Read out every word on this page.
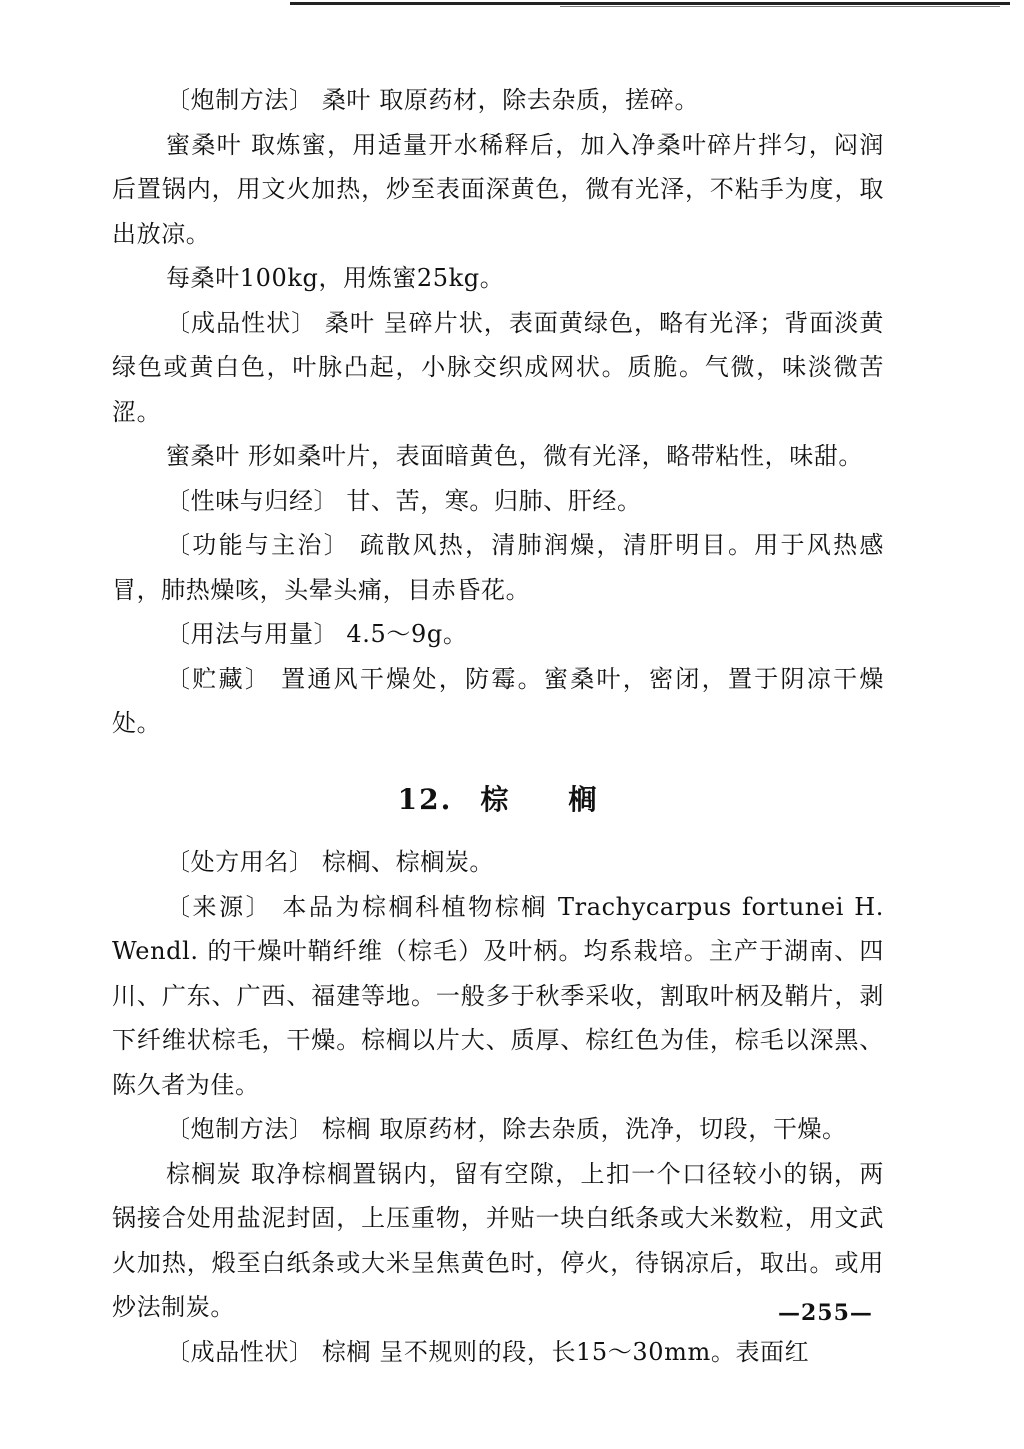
〔炮制方法〕 桑叶 取原药材，除去杂质，搓碎。

蜜桑叶 取炼蜜，用适量开水稀释后，加入净桑叶碎片拌匀，闷润后置锅内，用文火加热，炒至表面深黄色，微有光泽，不粘手为度，取出放凉。

每桑叶100kg，用炼蜜25kg。

〔成品性状〕 桑叶 呈碎片状，表面黄绿色，略有光泽；背面淡黄绿色或黄白色，叶脉凸起，小脉交织成网状。质脆。气微，味淡微苦涩。

蜜桑叶 形如桑叶片，表面暗黄色，微有光泽，略带粘性，味甜。

〔性味与归经〕 甘、苦，寒。归肺、肝经。

〔功能与主治〕 疏散风热，清肺润燥，清肝明目。用于风热感冒，肺热燥咳，头晕头痛，目赤昏花。

〔用法与用量〕 4.5～9g。

〔贮藏〕 置通风干燥处，防霉。蜜桑叶，密闭，置于阴凉干燥处。

12. 棕 榈

〔处方用名〕 棕榈、棕榈炭。

〔来源〕 本品为棕榈科植物棕榈 Trachycarpus fortunei H. Wendl. 的干燥叶鞘纤维（棕毛）及叶柄。均系栽培。主产于湖南、四川、广东、广西、福建等地。一般多于秋季采收，割取叶柄及鞘片，剥下纤维状棕毛，干燥。棕榈以片大、质厚、棕红色为佳，棕毛以深黑、陈久者为佳。

〔炮制方法〕 棕榈 取原药材，除去杂质，洗净，切段，干燥。

棕榈炭 取净棕榈置锅内，留有空隙，上扣一个口径较小的锅，两锅接合处用盐泥封固，上压重物，并贴一块白纸条或大米数粒，用文武火加热，煅至白纸条或大米呈焦黄色时，停火，待锅凉后，取出。或用炒法制炭。

〔成品性状〕 棕榈 呈不规则的段，长15～30mm。表面红

—255—
